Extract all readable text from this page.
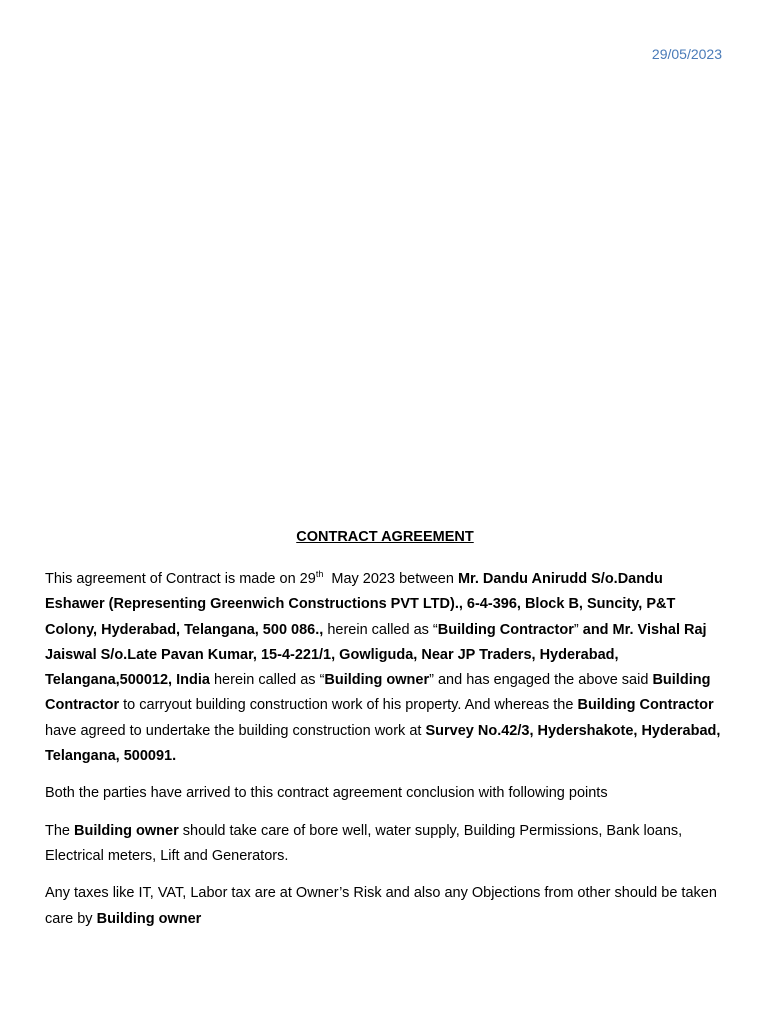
29/05/2023

CONTRACT AGREEMENT

This agreement of Contract is made on 29th  May 2023 between Mr. Dandu Anirudd S/o.Dandu Eshawer (Representing Greenwich Constructions PVT LTD)., 6-4-396, Block B, Suncity, P&T Colony, Hyderabad, Telangana, 500 086., herein called as “Building Contractor” and Mr. Vishal Raj Jaiswal S/o.Late Pavan Kumar, 15-4-221/1, Gowliguda, Near JP Traders, Hyderabad, Telangana,500012, India herein called as “Building owner” and has engaged the above said Building Contractor to carryout building construction work of his property. And whereas the Building Contractor have agreed to undertake the building construction work at Survey No.42/3, Hydershakote, Hyderabad, Telangana, 500091.

Both the parties have arrived to this contract agreement conclusion with following points

The Building owner should take care of bore well, water supply, Building Permissions, Bank loans, Electrical meters, Lift and Generators.

Any taxes like IT, VAT, Labor tax are at Owner’s Risk and also any Objections from other should be taken care by Building owner
